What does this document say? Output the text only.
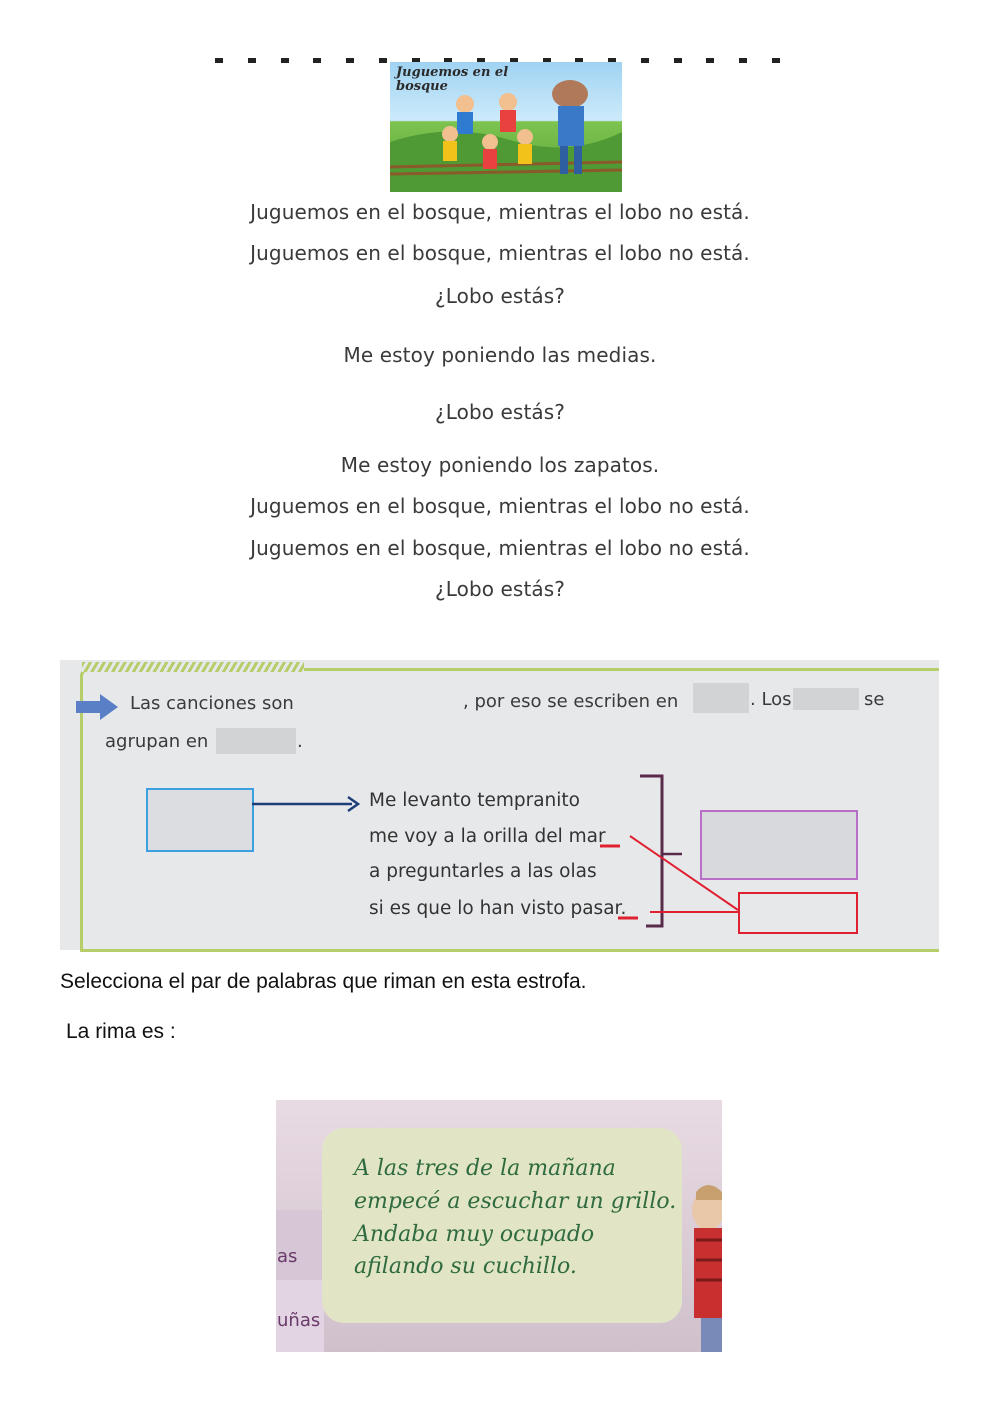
Juguemos en el bosque
Juguemos en el bosque, mientras el lobo no está.
Juguemos en el bosque, mientras el lobo no está.
¿Lobo estás?
Me estoy poniendo las medias.
¿Lobo estás?
Me estoy poniendo los zapatos.
Juguemos en el bosque, mientras el lobo no está.
Juguemos en el bosque, mientras el lobo no está.
¿Lobo estás?
Las canciones son	, por eso se escriben en	. Los	se
agrupan en	.
Me levanto tempranito
me voy a la orilla del mar
a preguntarles a las olas
si es que lo han visto pasar.
Selecciona el par de palabras que riman en esta estrofa.
La rima es :
A las tres de la mañana
empecé a escuchar un grillo.
Andaba muy ocupado
afilando su cuchillo.
as
uñas
